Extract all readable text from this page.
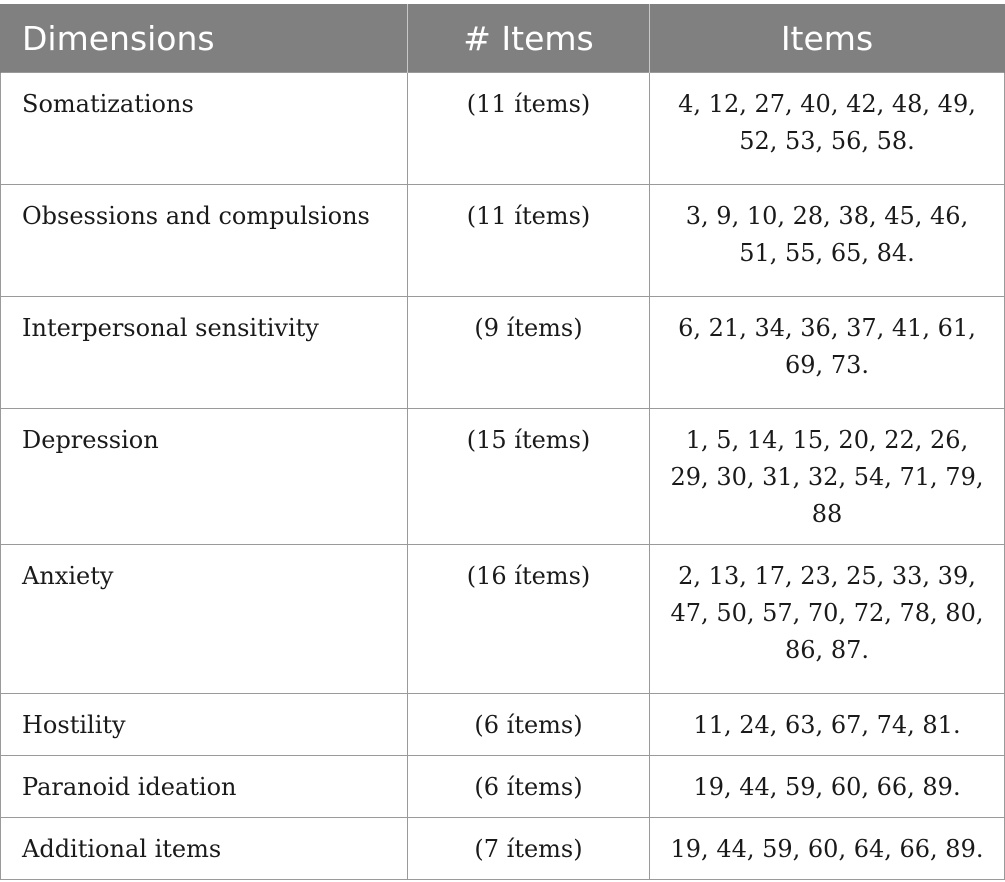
Dimensions	# Items	Items
Somatizations	(11 ítems)	4, 12, 27, 40, 42, 48, 49, 52, 53, 56, 58.
Obsessions and compulsions	(11 ítems)	3, 9, 10, 28, 38, 45, 46, 51, 55, 65, 84.
Interpersonal sensitivity	(9 ítems)	6, 21, 34, 36, 37, 41, 61, 69, 73.
Depression	(15 ítems)	1, 5, 14, 15, 20, 22, 26, 29, 30, 31, 32, 54, 71, 79, 88
Anxiety	(16 ítems)	2, 13, 17, 23, 25, 33, 39, 47, 50, 57, 70, 72, 78, 80, 86, 87.
Hostility	(6 ítems)	11, 24, 63, 67, 74, 81.
Paranoid ideation	(6 ítems)	19, 44, 59, 60, 66, 89.
Additional items	(7 ítems)	19, 44, 59, 60, 64, 66, 89.
